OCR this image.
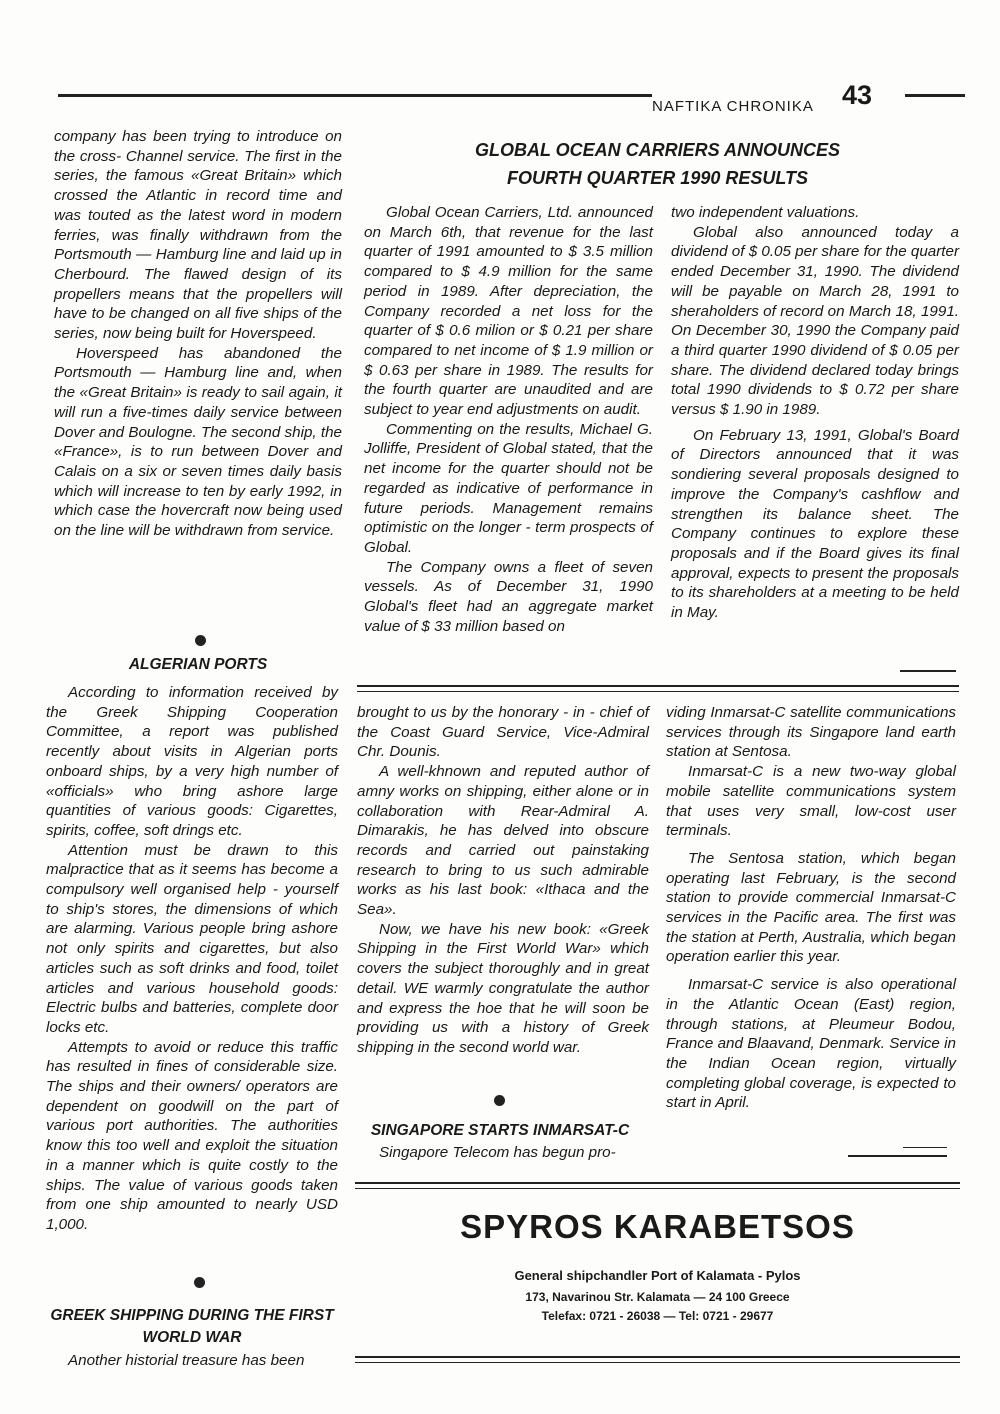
NAFTIKA CHRONIKA 43

company has been trying to introduce on the cross- Channel service. The first in the series, the famous «Great Britain» which crossed the Atlantic in record time and was touted as the latest word in modern ferries, was finally withdrawn from the Portsmouth — Hamburg line and laid up in Cherbourd. The flawed design of its propellers means that the propellers will have to be changed on all five ships of the series, now being built for Hoverspeed.

Hoverspeed has abandoned the Portsmouth — Hamburg line and, when the «Great Britain» is ready to sail again, it will run a five-times daily service between Dover and Boulogne. The second ship, the «France», is to run between Dover and Calais on a six or seven times daily basis which will increase to ten by early 1992, in which case the hovercraft now being used on the line will be withdrawn from service.

ALGERIAN PORTS

According to information received by the Greek Shipping Cooperation Committee, a report was published recently about visits in Algerian ports onboard ships, by a very high number of «officials» who bring ashore large quantities of various goods: Cigarettes, spirits, coffee, soft drings etc.

Attention must be drawn to this malpractice that as it seems has become a compulsory well organised help - yourself to ship's stores, the dimensions of which are alarming. Various people bring ashore not only spirits and cigarettes, but also articles such as soft drinks and food, toilet articles and various household goods: Electric bulbs and batteries, complete door locks etc.

Attempts to avoid or reduce this traffic has resulted in fines of considerable size. The ships and their owners/ operators are dependent on goodwill on the part of various port authorities. The authorities know this too well and exploit the situation in a manner which is quite costly to the ships. The value of various goods taken from one ship amounted to nearly USD 1,000.

GREEK SHIPPING DURING THE FIRST WORLD WAR

Another historial treasure has been

GLOBAL OCEAN CARRIERS ANNOUNCES
FOURTH QUARTER 1990 RESULTS

Global Ocean Carriers, Ltd. announced on March 6th, that revenue for the last quarter of 1991 amounted to $ 3.5 million compared to $ 4.9 million for the same period in 1989. After depreciation, the Company recorded a net loss for the quarter of $ 0.6 milion or $ 0.21 per share compared to net income of $ 1.9 million or $ 0.63 per share in 1989. The results for the fourth quarter are unaudited and are subject to year end adjustments on audit.

Commenting on the results, Michael G. Jolliffe, President of Global stated, that the net income for the quarter should not be regarded as indicative of performance in future periods. Management remains optimistic on the longer - term prospects of Global.

The Company owns a fleet of seven vessels. As of December 31, 1990 Global's fleet had an aggregate market value of $ 33 million based on

two independent valuations.

Global also announced today a dividend of $ 0.05 per share for the quarter ended December 31, 1990. The dividend will be payable on March 28, 1991 to sheraholders of record on March 18, 1991. On December 30, 1990 the Company paid a third quarter 1990 dividend of $ 0.05 per share. The dividend declared today brings total 1990 dividends to $ 0.72 per share versus $ 1.90 in 1989.

On February 13, 1991, Global's Board of Directors announced that it was sondiering several proposals designed to improve the Company's cashflow and strengthen its balance sheet. The Company continues to explore these proposals and if the Board gives its final approval, expects to present the proposals to its shareholders at a meeting to be held in May.

brought to us by the honorary - in - chief of the Coast Guard Service, Vice-Admiral Chr. Dounis.

A well-khnown and reputed author of amny works on shipping, either alone or in collaboration with Rear-Admiral A. Dimarakis, he has delved into obscure records and carried out painstaking research to bring to us such admirable works as his last book: «Ithaca and the Sea».

Now, we have his new book: «Greek Shipping in the First World War» which covers the subject thoroughly and in great detail. WE warmly congratulate the author and express the hoe that he will soon be providing us with a history of Greek shipping in the second world war.

SINGAPORE STARTS INMARSAT-C

Singapore Telecom has begun pro-

viding Inmarsat-C satellite communications services through its Singapore land earth station at Sentosa.

Inmarsat-C is a new two-way global mobile satellite communications system that uses very small, low-cost user terminals.

The Sentosa station, which began operating last February, is the second station to provide commercial Inmarsat-C services in the Pacific area. The first was the station at Perth, Australia, which began operation earlier this year.

Inmarsat-C service is also operational in the Atlantic Ocean (East) region, through stations, at Pleumeur Bodou, France and Blaavand, Denmark. Service in the Indian Ocean region, virtually completing global coverage, is expected to start in April.

SPYROS KARABETSOS
General shipchandler Port of Kalamata - Pylos
173, Navarinou Str. Kalamata — 24 100 Greece
Telefax: 0721 - 26038 — Tel: 0721 - 29677
